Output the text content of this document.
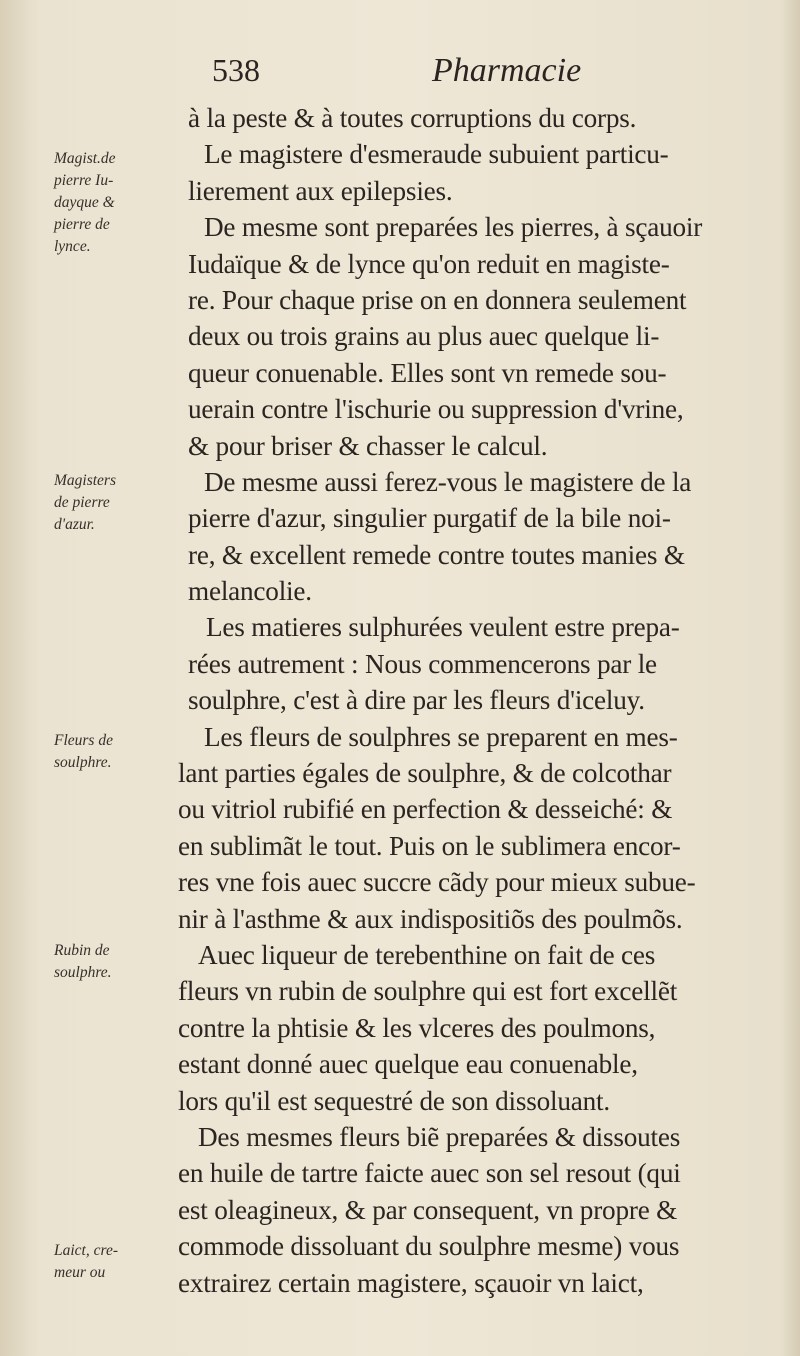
538	Pharmacie
Magist.de
pierre Iu-
dayque &
pierre de
lynce.
Magisters
de pierre
d'azur.
Fleurs de
soulphre.
Rubin de
soulphre.
Laict, cre-
meur ou
à la peste & à toutes corruptions du corps.
Le magistere d'esmeraude subuient particu-
lierement aux epilepsies.
De mesme sont preparées les pierres, à sçauoir
Iudaïque & de lynce qu'on reduit en magiste-
re. Pour chaque prise on en donnera seulement
deux ou trois grains au plus auec quelque li-
queur conuenable. Elles sont vn remede sou-
uerain contre l'ischurie ou suppression d'vrine,
& pour briser & chasser le calcul.
De mesme aussi ferez-vous le magistere de la
pierre d'azur, singulier purgatif de la bile noi-
re, & excellent remede contre toutes manies &
melancolie.
Les matieres sulphurées veulent estre prepa-
rées autrement : Nous commencerons par le
soulphre, c'est à dire par les fleurs d'iceluy.
Les fleurs de soulphres se preparent en mes-
lant parties égales de soulphre, & de colcothar
ou vitriol rubifié en perfection & desseiché: &
en sublimãt le tout. Puis on le sublimera encor-
res vne fois auec succre cãdy pour mieux subue-
nir à l'asthme & aux indispositiõs des poulmõs.
Auec liqueur de terebenthine on fait de ces
fleurs vn rubin de soulphre qui est fort excellẽt
contre la phtisie & les vlceres des poulmons,
estant donné auec quelque eau conuenable,
lors qu'il est sequestré de son dissoluant.
Des mesmes fleurs biẽ preparées & dissoutes
en huile de tartre faicte auec son sel resout (qui
est oleagineux, & par consequent, vn propre &
commode dissoluant du soulphre mesme) vous
extrairez certain magistere, sçauoir vn laict,
